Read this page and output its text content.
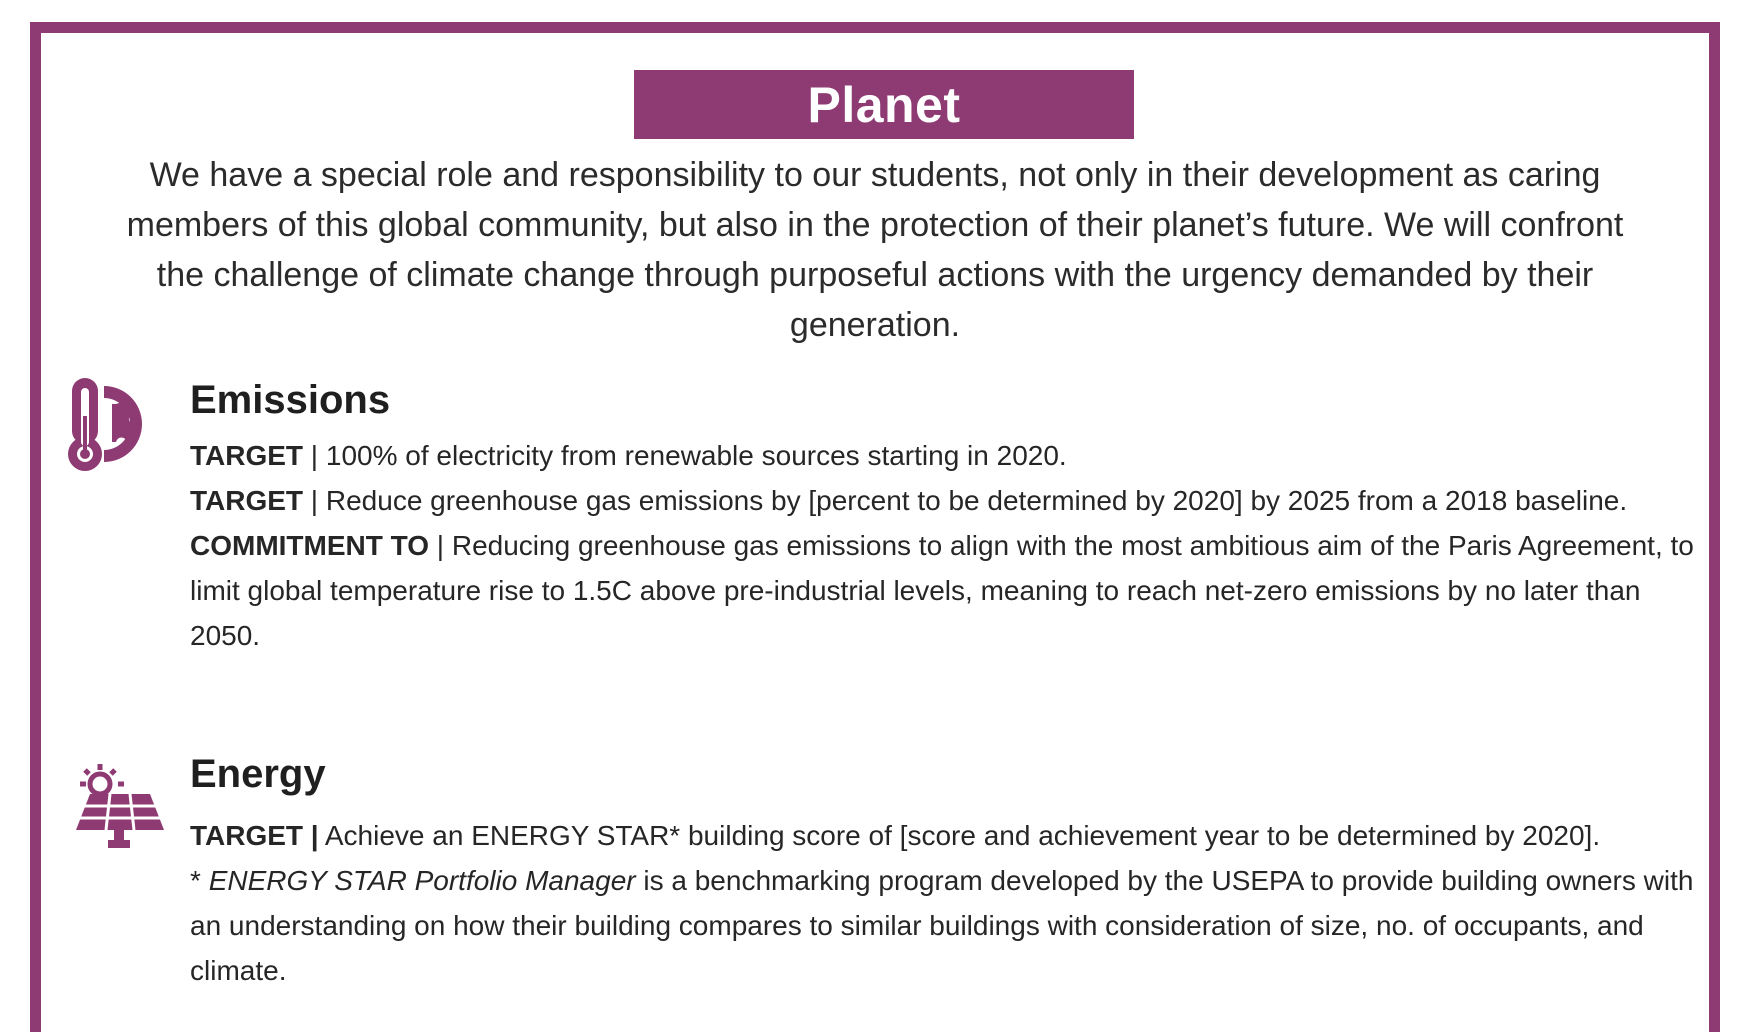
Planet
We have a special role and responsibility to our students, not only in their development as caring members of this global community, but also in the protection of their planet’s future. We will confront the challenge of climate change through purposeful actions with the urgency demanded by their generation.
Emissions

TARGET | 100% of electricity from renewable sources starting in 2020.

TARGET | Reduce greenhouse gas emissions by [percent to be determined by 2020] by 2025 from a 2018 baseline.

COMMITMENT TO | Reducing greenhouse gas emissions to align with the most ambitious aim of the Paris Agreement, to limit global temperature rise to 1.5C above pre-industrial levels, meaning to reach net-zero emissions by no later than 2050.

Energy

TARGET | Achieve an ENERGY STAR* building score of [score and achievement year to be determined by 2020].

* ENERGY STAR Portfolio Manager is a benchmarking program developed by the USEPA to provide building owners with an understanding on how their building compares to similar buildings with consideration of size, no. of occupants, and climate.
